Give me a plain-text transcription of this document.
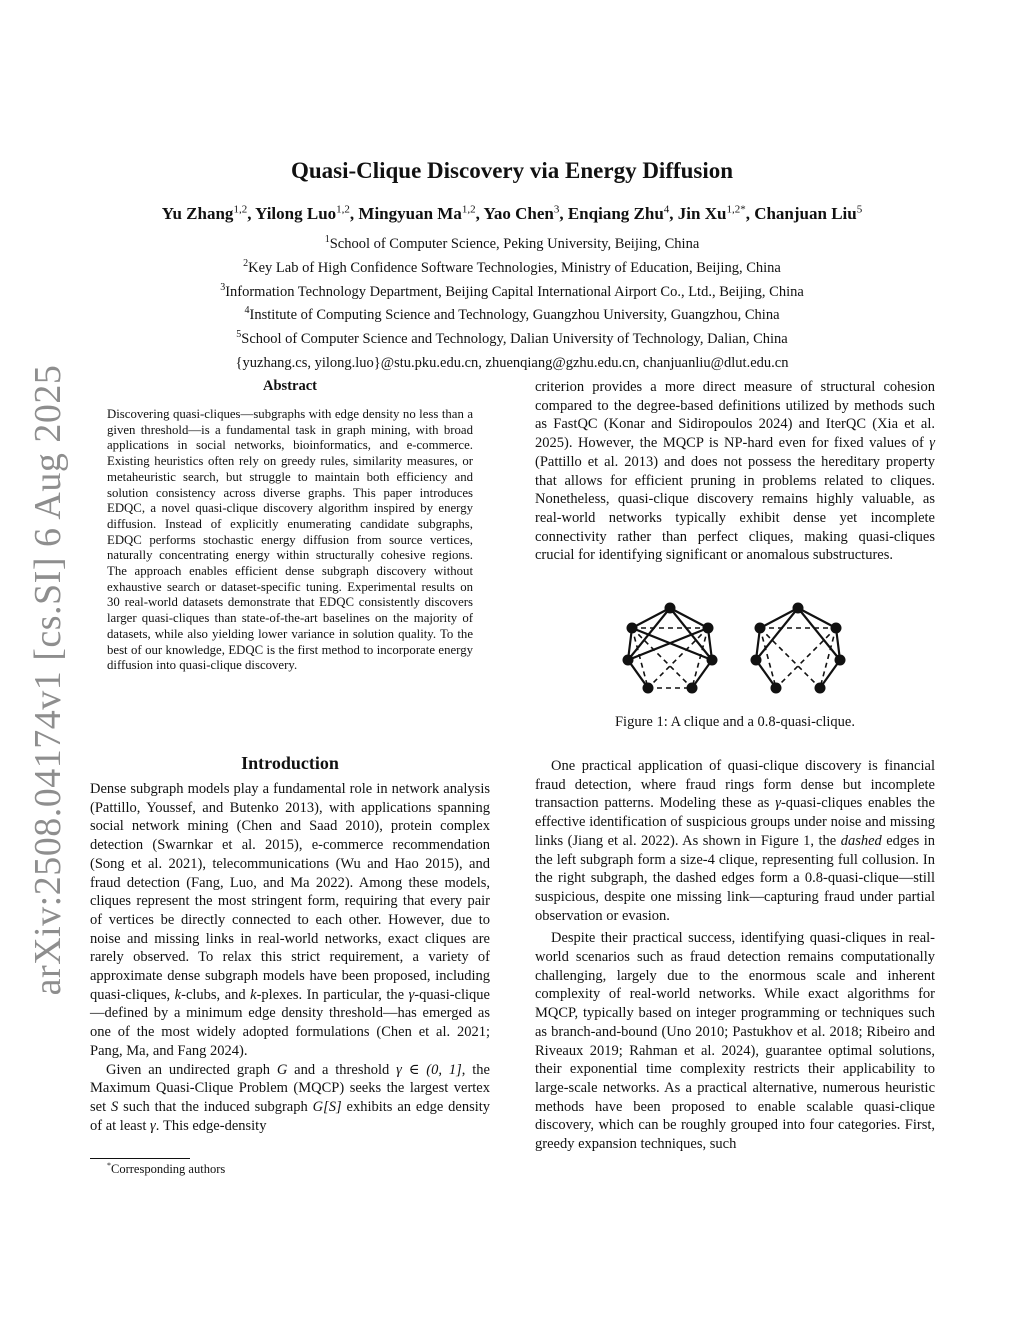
arXiv:2508.04174v1 [cs.SI] 6 Aug 2025
Quasi-Clique Discovery via Energy Diffusion
Yu Zhang$^{1,2}$, Yilong Luo$^{1,2}$, Mingyuan Ma$^{1,2}$, Yao Chen$^3$, Enqiang Zhu$^4$, Jin $Xu^{1,2*}$, Chanjuan Liu$^5$
$^1$School of Computer Science, Peking University, Beijing, China
$^2$Key Lab of High Confidence Software Technologies, Ministry of Education, Beijing, China
$^3$Information Technology Department, Beijing Capital International Airport Co., Ltd., Beijing, China
$^4$Institute of Computing Science and Technology, Guangzhou University, Guangzhou, China
$^5$School of Computer Science and Technology, Dalian University of Technology, Dalian, China
{yuzhang.cs, yilong.luo}@stu.pku.edu.cn, zhuenqiang@gzhu.edu.cn, chanjuanliu@dlut.edu.cn
Abstract
Discovering quasi-cliques—subgraphs with edge density no less than a given threshold—is a fundamental task in graph mining, with broad applications in social networks, bioinformatics, and e-commerce. Existing heuristics often rely on greedy rules, similarity measures, or metaheuristic search, but struggle to maintain both efficiency and solution consistency across diverse graphs. This paper introduces EDQC, a novel quasi-clique discovery algorithm inspired by energy diffusion. Instead of explicitly enumerating candidate subgraphs, EDQC performs stochastic energy diffusion from source vertices, naturally concentrating energy within structurally cohesive regions. The approach enables efficient dense subgraph discovery without exhaustive search or dataset-specific tuning. Experimental results on 30 real-world datasets demonstrate that EDQC consistently discovers larger quasi-cliques than state-of-the-art baselines on the majority of datasets, while also yielding lower variance in solution quality. To the best of our knowledge, EDQC is the first method to incorporate energy diffusion into quasi-clique discovery.
Introduction

Dense subgraph models play a fundamental role in network analysis (Pattillo, Youssef, and Butenko 2013), with applications spanning social network mining (Chen and Saad 2010), protein complex detection (Swarnkar et al. 2015), e-commerce recommendation (Song et al. 2021), telecommunications (Wu and Hao 2015), and fraud detection (Fang, Luo, and Ma 2022). Among these models, cliques represent the most stringent form, requiring that every pair of vertices be directly connected to each other. However, due to noise and missing links in real-world networks, exact cliques are rarely observed. To relax this strict requirement, a variety of approximate dense subgraph models have been proposed, including quasi-cliques, k-clubs, and k-plexes. In particular, the γ-quasi-clique—defined by a minimum edge density threshold—has emerged as one of the most widely adopted formulations (Chen et al. 2021; Pang, Ma, and Fang 2024).

Given an undirected graph G and a threshold γ ∈ (0, 1], the Maximum Quasi-Clique Problem (MQCP) seeks the largest vertex set S such that the induced subgraph G[S] exhibits an edge density of at least γ. This edge-density

criterion provides a more direct measure of structural cohesion compared to the degree-based definitions utilized by methods such as FastQC (Konar and Sidiropoulos 2024) and IterQC (Xia et al. 2025). However, the MQCP is NP-hard even for fixed values of γ (Pattillo et al. 2013) and does not possess the hereditary property that allows for efficient pruning in problems related to cliques. Nonetheless, quasi-clique discovery remains highly valuable, as real-world networks typically exhibit dense yet incomplete connectivity rather than perfect cliques, making quasi-cliques crucial for identifying significant or anomalous substructures.

Figure 1: A clique and a 0.8-quasi-clique.

One practical application of quasi-clique discovery is financial fraud detection, where fraud rings form dense but incomplete transaction patterns. Modeling these as γ-quasi-cliques enables the effective identification of suspicious groups under noise and missing links (Jiang et al. 2022). As shown in Figure 1, the dashed edges in the left subgraph form a size-4 clique, representing full collusion. In the right subgraph, the dashed edges form a 0.8-quasi-clique—still suspicious, despite one missing link—capturing fraud under partial observation or evasion.

Despite their practical success, identifying quasi-cliques in real-world scenarios such as fraud detection remains computationally challenging, largely due to the enormous scale and inherent complexity of real-world networks. While exact algorithms for MQCP, typically based on integer programming or techniques such as branch-and-bound (Uno 2010; Pastukhov et al. 2018; Ribeiro and Riveaux 2019; Rahman et al. 2024), guarantee optimal solutions, their exponential time complexity restricts their applicability to large-scale networks. As a practical alternative, numerous heuristic methods have been proposed to enable scalable quasi-clique discovery, which can be roughly grouped into four categories. First, greedy expansion techniques, such

*Corresponding authors
